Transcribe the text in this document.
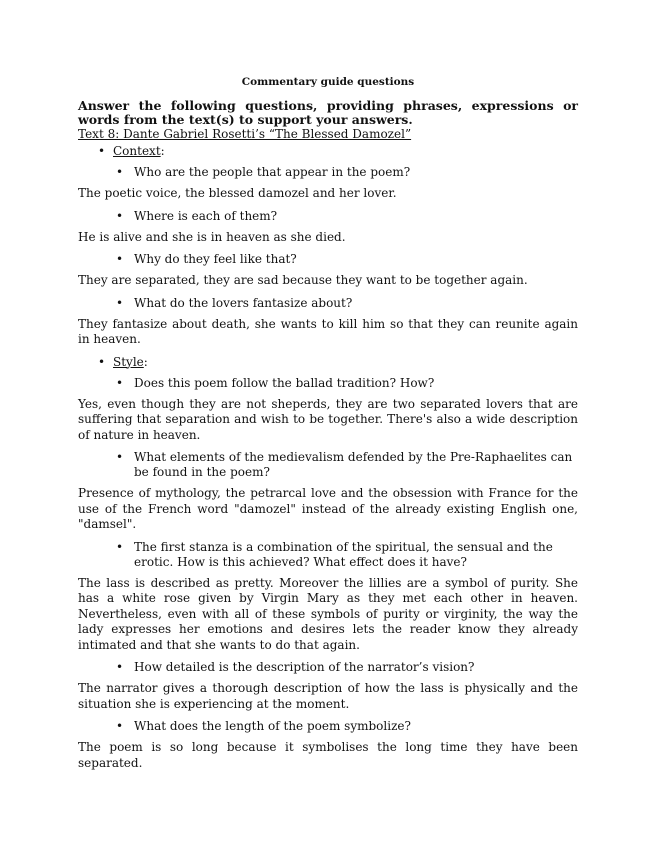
Commentary guide questions

Answer the following questions, providing phrases, expressions or words from the text(s) to support your answers.

Text 8: Dante Gabriel Rosetti’s “The Blessed Damozel”

• Context:
• Who are the people that appear in the poem?

The poetic voice, the blessed damozel and her lover.

• Where is each of them?

He is alive and she is in heaven as she died.

• Why do they feel like that?

They are separated, they are sad because they want to be together again.

• What do the lovers fantasize about?

They fantasize about death, she wants to kill him so that they can reunite again in heaven.

• Style:
• Does this poem follow the ballad tradition? How?

Yes, even though they are not sheperds, they are two separated lovers that are suffering that separation and wish to be together. There's also a wide description of nature in heaven.

• What elements of the medievalism defended by the Pre-Raphaelites can be found in the poem?

Presence of mythology, the petrarcal love and the obsession with France for the use of the French word "damozel" instead of the already existing English one, "damsel".

• The first stanza is a combination of the spiritual, the sensual and the erotic. How is this achieved? What effect does it have?

The lass is described as pretty. Moreover the lillies are a symbol of purity. She has a white rose given by Virgin Mary as they met each other in heaven. Nevertheless, even with all of these symbols of purity or virginity, the way the lady expresses her emotions and desires lets the reader know they already intimated and that she wants to do that again.

• How detailed is the description of the narrator’s vision?

The narrator gives a thorough description of how the lass is physically and the situation she is experiencing at the moment.

• What does the length of the poem symbolize?

The poem is so long because it symbolises the long time they have been separated.
